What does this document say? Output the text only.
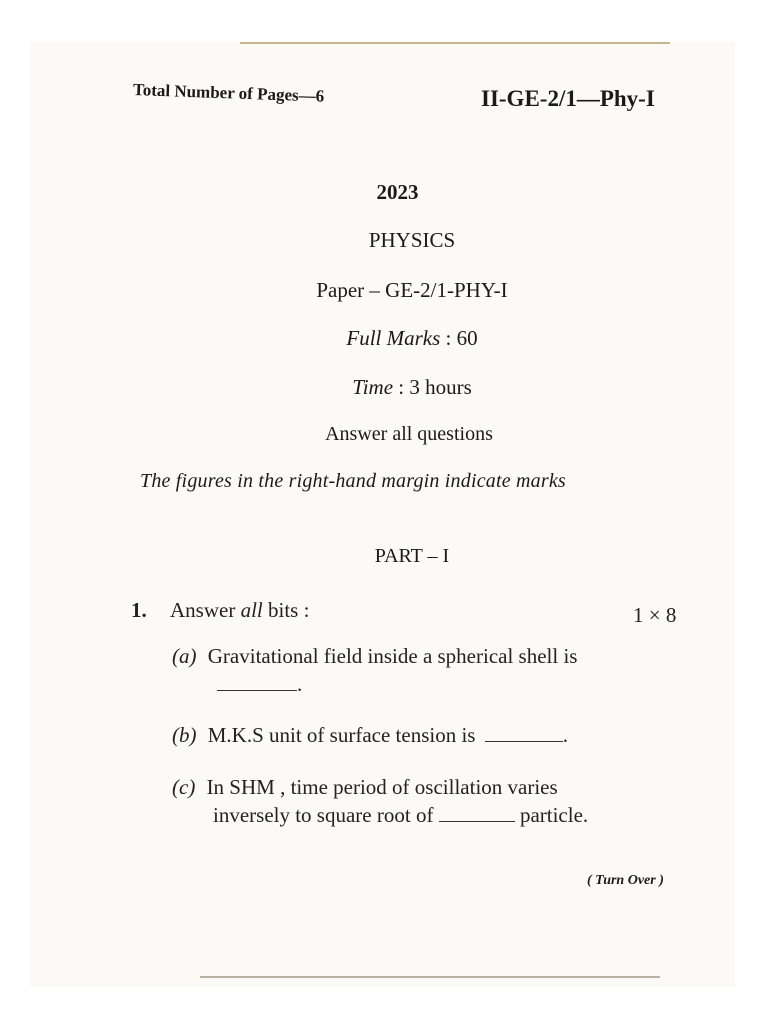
Total Number of Pages—6	II-GE-2/1—Phy-I
2023
PHYSICS
Paper – GE-2/1-PHY-I
Full Marks : 60
Time : 3 hours
Answer all questions
The figures in the right-hand margin indicate marks
PART – I
1. Answer all bits :	1 × 8
(a) Gravitational field inside a spherical shell is
.
(b) M.K.S unit of surface tension is	.
(c) In SHM , time period of oscillation varies
inversely to square root of	particle.
( Turn Over )
